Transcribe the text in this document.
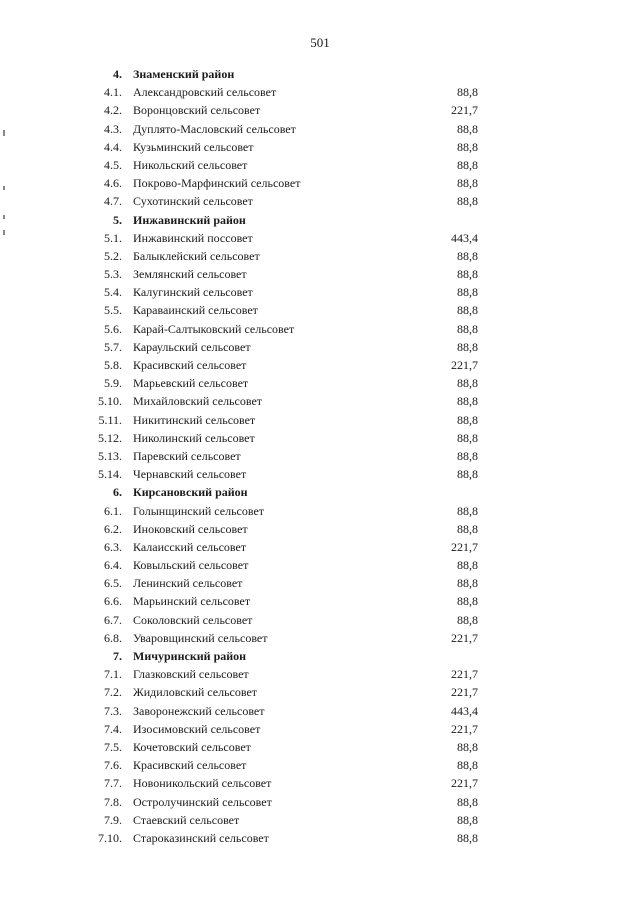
501
4. Знаменский район
4.1. Александровский сельсовет	88,8
4.2. Воронцовский сельсовет	221,7
4.3. Дуплято-Масловский сельсовет	88,8
4.4. Кузьминский сельсовет	88,8
4.5. Никольский сельсовет	88,8
4.6. Покрово-Марфинский сельсовет	88,8
4.7. Сухотинский сельсовет	88,8
5. Инжавинский район
5.1. Инжавинский поссовет	443,4
5.2. Балыклейский сельсовет	88,8
5.3. Землянский сельсовет	88,8
5.4. Калугинский сельсовет	88,8
5.5. Караваинский сельсовет	88,8
5.6. Карай-Салтыковский сельсовет	88,8
5.7. Караульский сельсовет	88,8
5.8. Красивский сельсовет	221,7
5.9. Марьевский сельсовет	88,8
5.10. Михайловский сельсовет	88,8
5.11. Никитинский сельсовет	88,8
5.12. Николинский сельсовет	88,8
5.13. Паревский сельсовет	88,8
5.14. Чернавский сельсовет	88,8
6. Кирсановский район
6.1. Голынщинский сельсовет	88,8
6.2. Иноковский сельсовет	88,8
6.3. Калаисский сельсовет	221,7
6.4. Ковыльский сельсовет	88,8
6.5. Ленинский сельсовет	88,8
6.6. Марьинский сельсовет	88,8
6.7. Соколовский сельсовет	88,8
6.8. Уваровщинский сельсовет	221,7
7. Мичуринский район
7.1. Глазковский сельсовет	221,7
7.2. Жидиловский сельсовет	221,7
7.3. Заворонежский сельсовет	443,4
7.4. Изосимовский сельсовет	221,7
7.5. Кочетовский сельсовет	88,8
7.6. Красивский сельсовет	88,8
7.7. Новоникольский сельсовет	221,7
7.8. Остролучинский сельсовет	88,8
7.9. Стаевский сельсовет	88,8
7.10. Староказинский сельсовет	88,8
